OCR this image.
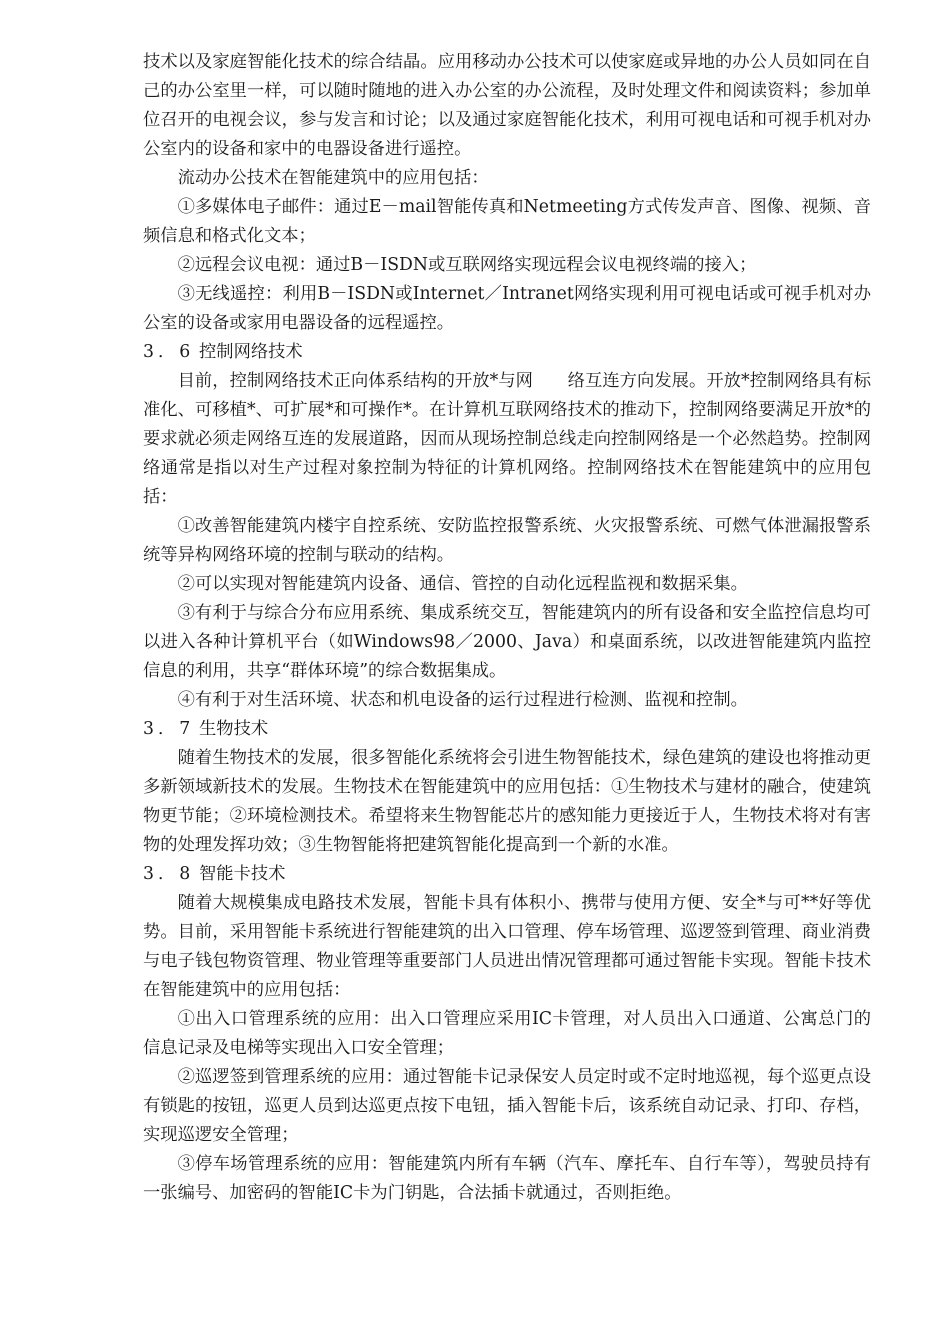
技术以及家庭智能化技术的综合结晶。应用移动办公技术可以使家庭或异地的办公人员如同在自己的办公室里一样，可以随时随地的进入办公室的办公流程，及时处理文件和阅读资料；参加单位召开的电视会议，参与发言和讨论；以及通过家庭智能化技术，利用可视电话和可视手机对办公室内的设备和家中的电器设备进行遥控。

流动办公技术在智能建筑中的应用包括：

①多媒体电子邮件：通过E－mail智能传真和Netmeeting方式传发声音、图像、视频、音频信息和格式化文本；

②远程会议电视：通过B－ISDN或互联网络实现远程会议电视终端的接入；

③无线遥控：利用B－ISDN或Internet／Intranet网络实现利用可视电话或可视手机对办公室的设备或家用电器设备的远程遥控。

3．6 控制网络技术

目前，控制网络技术正向体系结构的开放*与网　　络互连方向发展。开放*控制网络具有标准化、可移植*、可扩展*和可操作*。在计算机互联网络技术的推动下，控制网络要满足开放*的要求就必须走网络互连的发展道路，因而从现场控制总线走向控制网络是一个必然趋势。控制网络通常是指以对生产过程对象控制为特征的计算机网络。控制网络技术在智能建筑中的应用包括：

①改善智能建筑内楼宇自控系统、安防监控报警系统、火灾报警系统、可燃气体泄漏报警系统等异构网络环境的控制与联动的结构。

②可以实现对智能建筑内设备、通信、管控的自动化远程监视和数据采集。

③有利于与综合分布应用系统、集成系统交互，智能建筑内的所有设备和安全监控信息均可以进入各种计算机平台（如Windows98／2000、Java）和桌面系统，以改进智能建筑内监控信息的利用，共享“群体环境”的综合数据集成。

④有利于对生活环境、状态和机电设备的运行过程进行检测、监视和控制。

3．7 生物技术

随着生物技术的发展，很多智能化系统将会引进生物智能技术，绿色建筑的建设也将推动更多新领域新技术的发展。生物技术在智能建筑中的应用包括：①生物技术与建材的融合，使建筑物更节能；②环境检测技术。希望将来生物智能芯片的感知能力更接近于人，生物技术将对有害物的处理发挥功效；③生物智能将把建筑智能化提高到一个新的水准。

3．8 智能卡技术

随着大规模集成电路技术发展，智能卡具有体积小、携带与使用方便、安全*与可**好等优势。目前，采用智能卡系统进行智能建筑的出入口管理、停车场管理、巡逻签到管理、商业消费与电子钱包物资管理、物业管理等重要部门人员进出情况管理都可通过智能卡实现。智能卡技术在智能建筑中的应用包括：

①出入口管理系统的应用：出入口管理应采用IC卡管理，对人员出入口通道、公寓总门的信息记录及电梯等实现出入口安全管理；

②巡逻签到管理系统的应用：通过智能卡记录保安人员定时或不定时地巡视，每个巡更点设有锁匙的按钮，巡更人员到达巡更点按下电钮，插入智能卡后，该系统自动记录、打印、存档，实现巡逻安全管理；

③停车场管理系统的应用：智能建筑内所有车辆（汽车、摩托车、自行车等），驾驶员持有一张编号、加密码的智能IC卡为门钥匙，合法插卡就通过，否则拒绝。
